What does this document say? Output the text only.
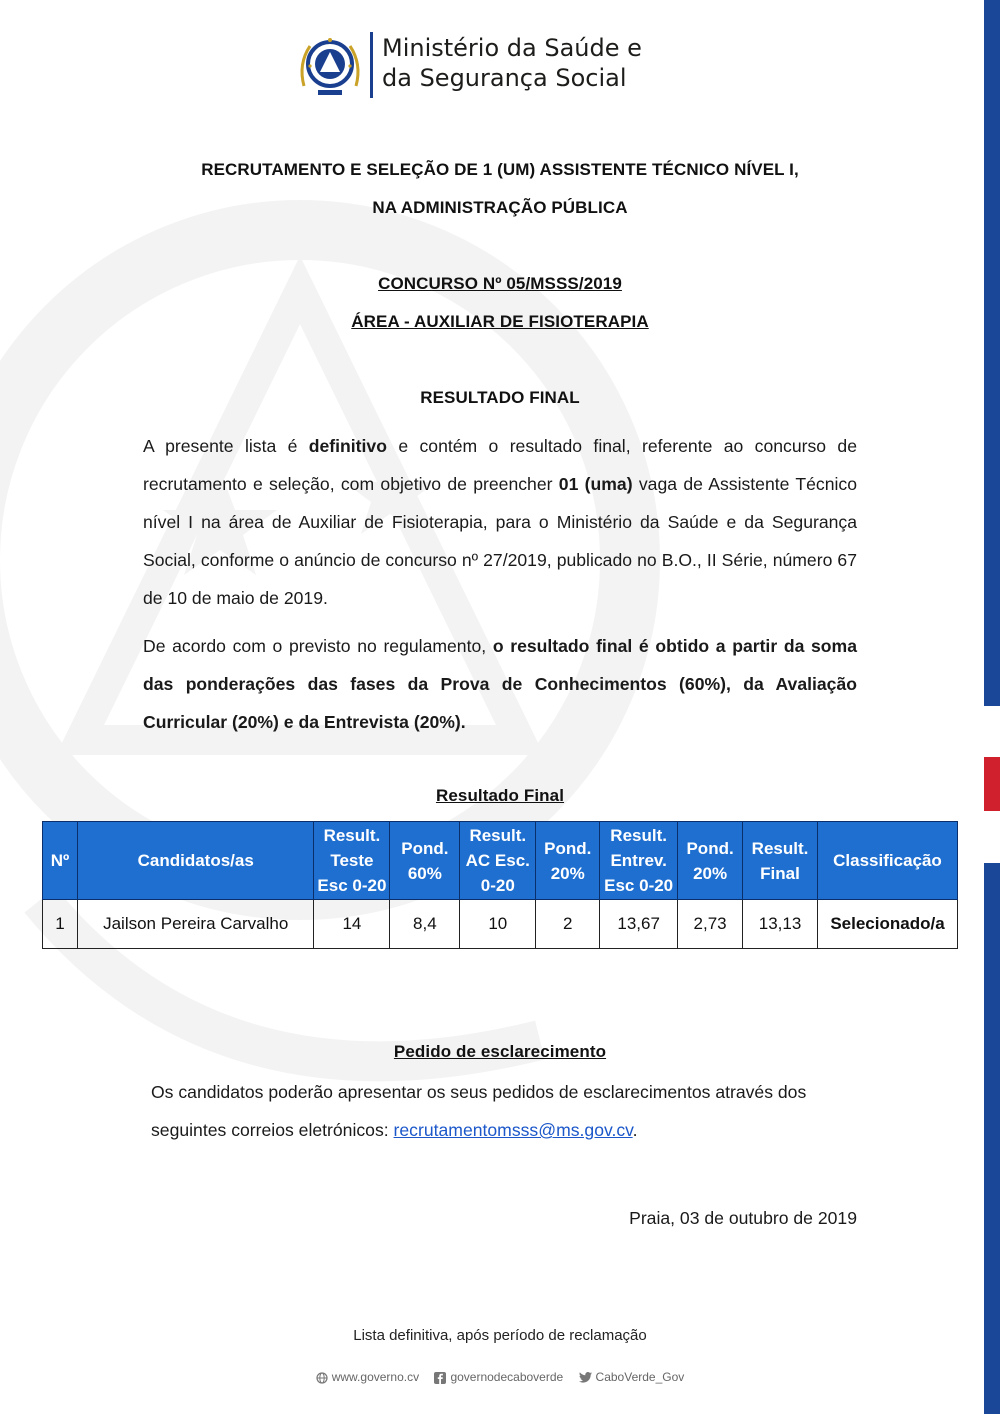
Ministério da Saúde e
da Segurança Social
RECRUTAMENTO E SELEÇÃO DE 1 (UM) ASSISTENTE TÉCNICO NÍVEL I,
NA ADMINISTRAÇÃO PÚBLICA
CONCURSO Nº 05/MSSS/2019
ÁREA - AUXILIAR DE FISIOTERAPIA
RESULTADO FINAL
A presente lista é definitivo e contém o resultado final, referente ao concurso de recrutamento e seleção, com objetivo de preencher 01 (uma) vaga de Assistente Técnico nível I na área de Auxiliar de Fisioterapia, para o Ministério da Saúde e da Segurança Social, conforme o anúncio de concurso nº 27/2019, publicado no B.O., II Série, número 67 de 10 de maio de 2019.
De acordo com o previsto no regulamento, o resultado final é obtido a partir da soma das ponderações das fases da Prova de Conhecimentos (60%), da Avaliação Curricular (20%) e da Entrevista (20%).
Resultado Final
Nº	Candidatos/as	Result. Teste Esc 0-20	Pond. 60%	Result. AC Esc. 0-20	Pond. 20%	Result. Entrev. Esc 0-20	Pond. 20%	Result. Final	Classificação
1	Jailson Pereira Carvalho	14	8,4	10	2	13,67	2,73	13,13	Selecionado/a
Pedido de esclarecimento
Os candidatos poderão apresentar os seus pedidos de esclarecimentos através dos seguintes correios eletrónicos: recrutamentomsss@ms.gov.cv.
Praia, 03 de outubro de 2019
Lista definitiva, após período de reclamação
www.governo.cv	governodecaboverde	CaboVerde_Gov
